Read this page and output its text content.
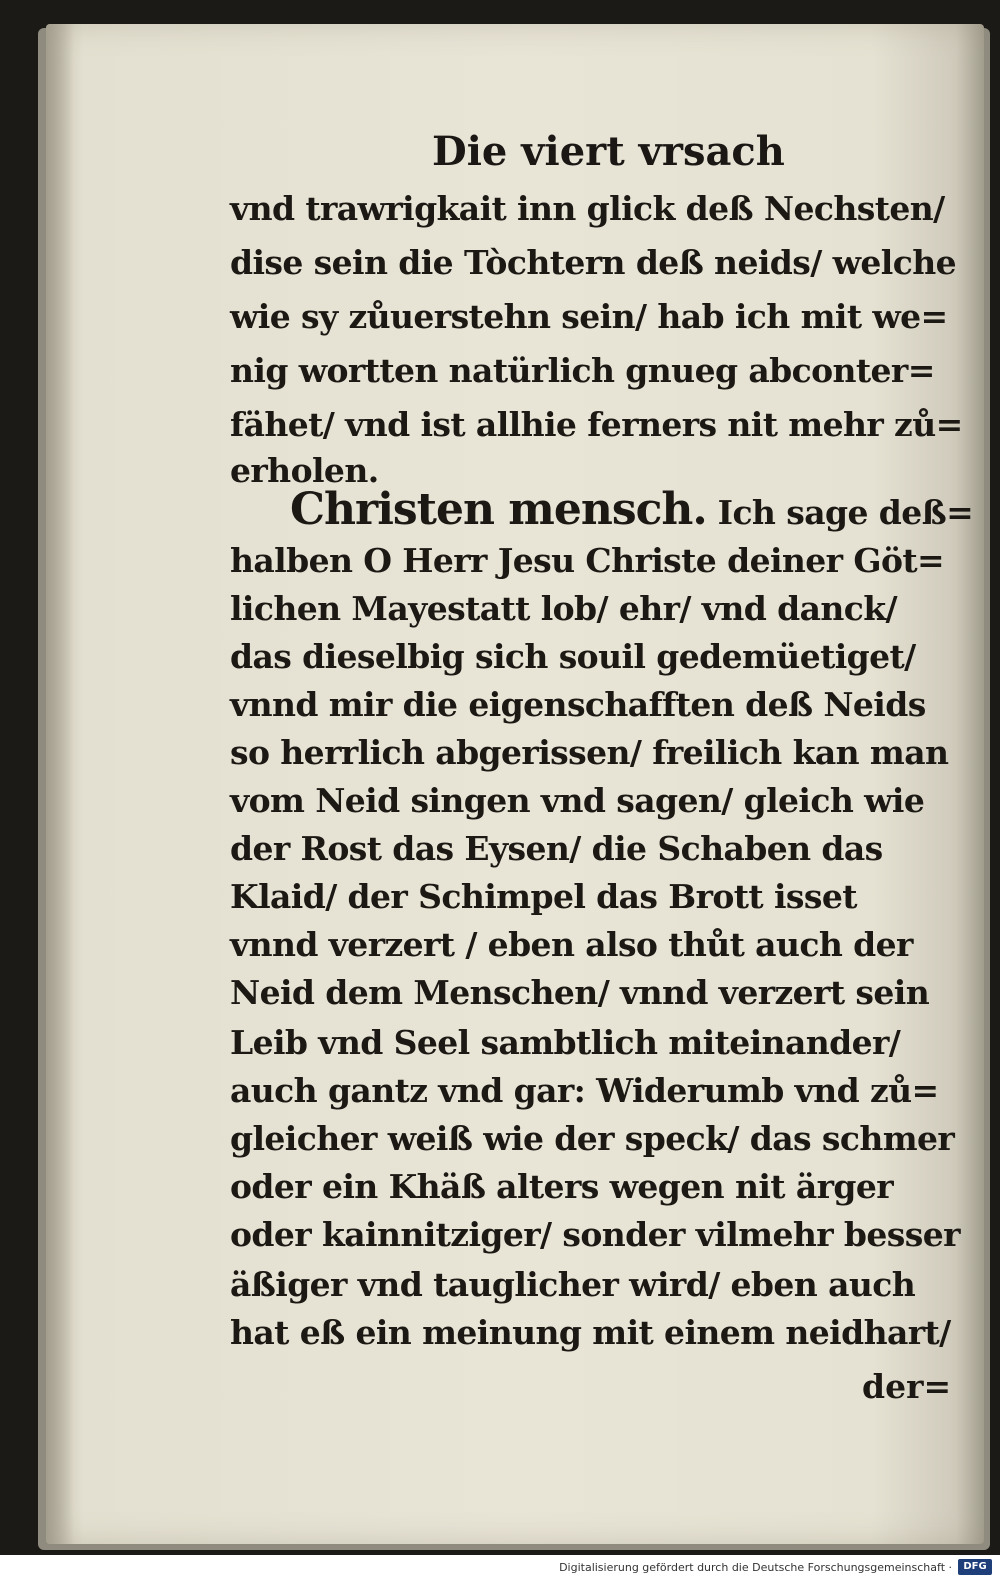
Die viert vrsach
vnd trawrigkait inn glick deß Nechsten/
dise sein die Tòchtern deß neids/ welche
wie sy zůuerstehn sein/ hab ich mit we=
nig wortten natürlich gnueg abconter=
fähet/ vnd ist allhie ferners nit mehr zů=
erholen.
Christen mensch. Ich sage deß=
halben O Herr Jesu Christe deiner Göt=
lichen Mayestatt lob/ ehr/ vnd danck/
das dieselbig sich souil gedemüetiget/
vnnd mir die eigenschafften deß Neids
so herrlich abgerissen/ freilich kan man
vom Neid singen vnd sagen/ gleich wie
der Rost das Eysen/ die Schaben das
Klaid/ der Schimpel das Brott isset
vnnd verzert / eben also thůt auch der
Neid dem Menschen/ vnnd verzert sein
Leib vnd Seel sambtlich miteinander/
auch gantz vnd gar: Widerumb vnd zů=
gleicher weiß wie der speck/ das schmer
oder ein Khäß alters wegen nit ärger
oder kainnitziger/ sonder vilmehr besser
äßiger vnd tauglicher wird/ eben auch
der=
Digitalisierung gefördert durch die Deutsche Forschungsgemeinschaft ·	DFG
hat eß ein meinung mit einem neidhart/
